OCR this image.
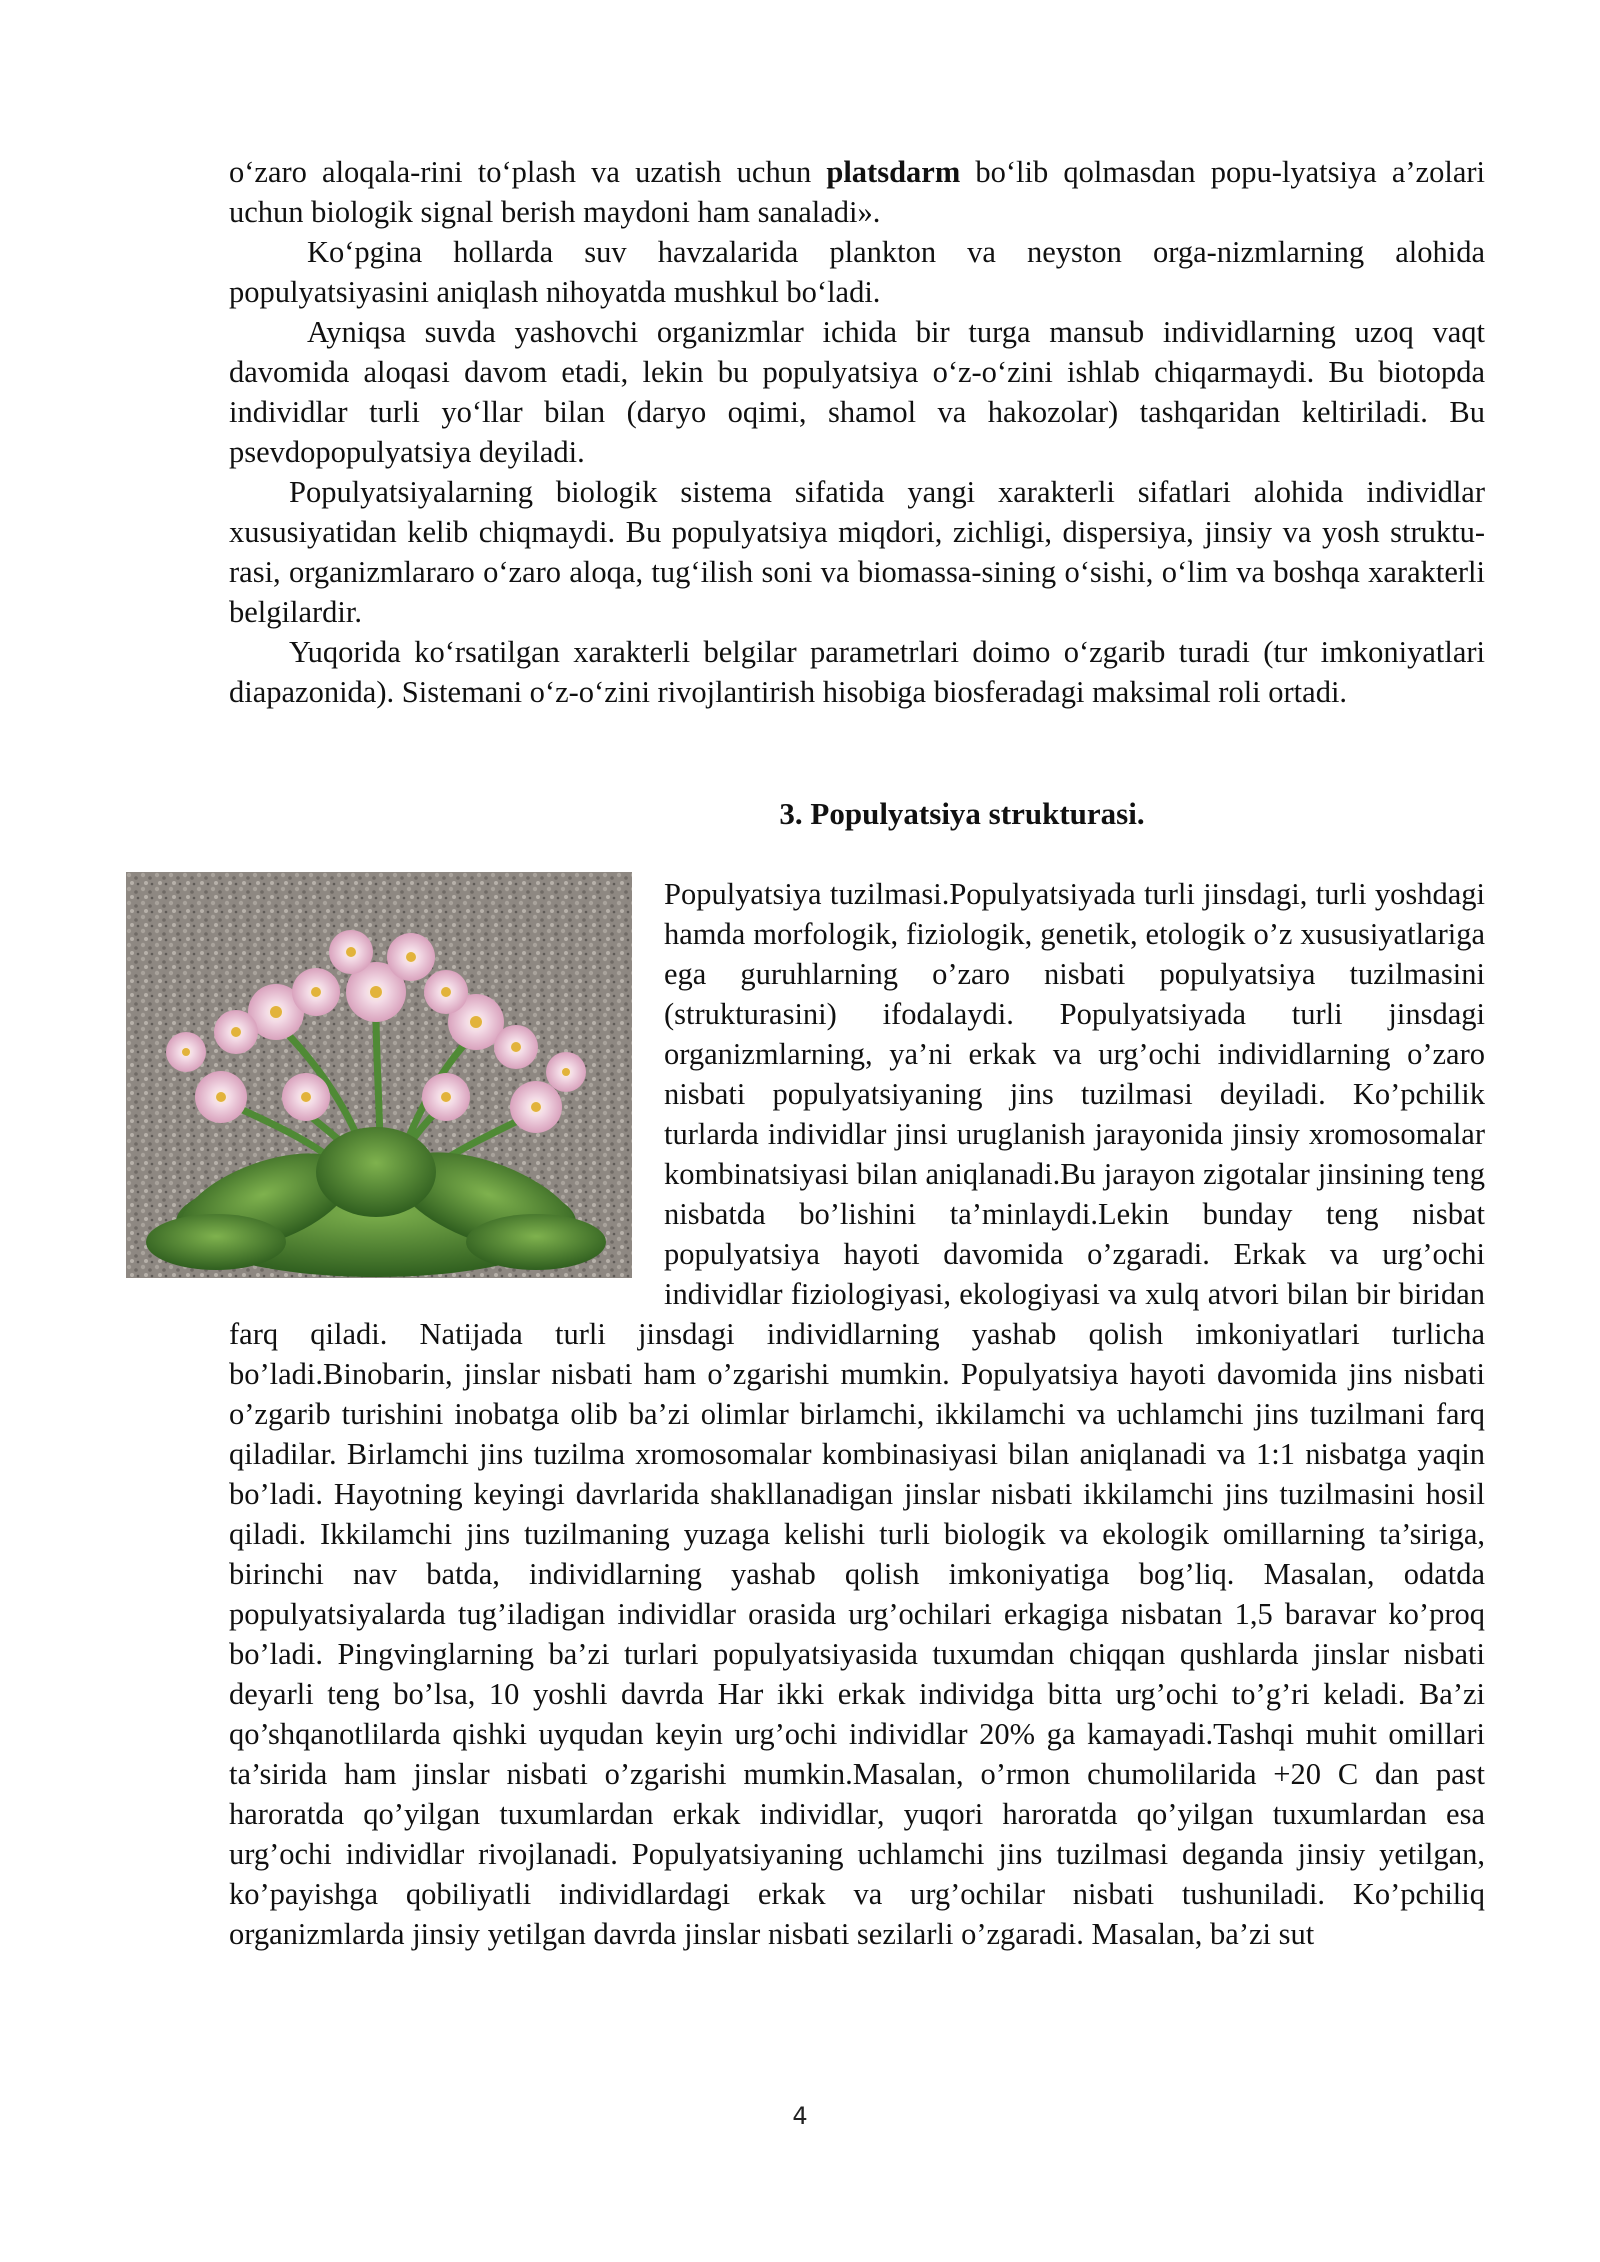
o‘zaro aloqala-rini to‘plash va uzatish uchun platsdarm bo‘lib qolmasdan popu-lyatsiya a’zolari uchun biologik signal berish maydoni ham sanaladi».

Ko‘pgina hollarda suv havzalarida plankton va neyston orga-nizmlarning alohida populyatsiyasini aniqlash nihoyatda mushkul bo‘ladi.

Ayniqsa suvda yashovchi organizmlar ichida bir turga mansub individlarning uzoq vaqt davomida aloqasi davom etadi, lekin bu populyatsiya o‘z-o‘zini ishlab chiqarmaydi. Bu biotopda individlar turli yo‘llar bilan (daryo oqimi, shamol va hakozolar) tashqaridan keltiriladi. Bu psevdopopulyatsiya deyiladi.

Populyatsiyalarning biologik sistema sifatida yangi xarakterli sifatlari alohida individlar xususiyatidan kelib chiqmaydi. Bu populyatsiya miqdori, zichligi, dispersiya, jinsiy va yosh struktu-rasi, organizmlararo o‘zaro aloqa, tug‘ilish soni va biomassa-sining o‘sishi, o‘lim va boshqa xarakterli belgilardir.

Yuqorida ko‘rsatilgan xarakterli belgilar parametrlari doimo o‘zgarib turadi (tur imkoniyatlari diapazonida). Sistemani o‘z-o‘zini rivojlantirish hisobiga biosferadagi maksimal roli ortadi.

3. Populyatsiya strukturasi.

Populyatsiya tuzilmasi.Populyatsiyada turli jinsdagi, turli yoshdagi hamda morfologik, fiziologik, genetik, etologik o’z xususiyatlariga ega guruhlarning o’zaro nisbati populyatsiya tuzilmasini (strukturasini) ifodalaydi. Populyatsiyada turli jinsdagi organizmlarning, ya’ni erkak va urg’ochi individlarning o’zaro nisbati populyatsiyaning jins tuzilmasi deyiladi. Ko’pchilik turlarda individlar jinsi uruglanish jarayonida jinsiy xromosomalar kombinatsiyasi bilan aniqlanadi.Bu jarayon zigotalar jinsining teng nisbatda bo’lishini ta’minlaydi.Lekin bunday teng nisbat populyatsiya hayoti davomida o’zgaradi. Erkak va urg’ochi individlar fiziologiyasi, ekologiyasi va xulq atvori bilan bir biridan farq qiladi. Natijada turli jinsdagi individlarning yashab qolish imkoniyatlari turlicha bo’ladi.Binobarin, jinslar nisbati ham o’zgarishi mumkin. Populyatsiya hayoti davomida jins nisbati o’zgarib turishini inobatga olib ba’zi olimlar birlamchi, ikkilamchi va uchlamchi jins tuzilmani farq qiladilar. Birlamchi jins tuzilma xromosomalar kombinasiyasi bilan aniqlanadi va 1:1 nisbatga yaqin bo’ladi. Hayotning keyingi davrlarida shakllanadigan jinslar nisbati ikkilamchi jins tuzilmasini hosil qiladi. Ikkilamchi jins tuzilmaning yuzaga kelishi turli biologik va ekologik omillarning ta’siriga, birinchi nav batda, individlarning yashab qolish imkoniyatiga bog’liq. Masalan, odatda populyatsiyalarda tug’iladigan individlar orasida urg’ochilari erkagiga nisbatan 1,5 baravar ko’proq bo’ladi. Pingvinglarning ba’zi turlari populyatsiyasida tuxumdan chiqqan qushlarda jinslar nisbati deyarli teng bo’lsa, 10 yoshli davrda Har ikki erkak individga bitta urg’ochi to’g’ri keladi. Ba’zi qo’shqanotlilarda qishki uyqudan keyin urg’ochi individlar 20% ga kamayadi.Tashqi muhit omillari ta’sirida ham jinslar nisbati o’zgarishi mumkin.Masalan, o’rmon chumolilarida +20 C dan past haroratda qo’yilgan tuxumlardan erkak individlar, yuqori haroratda qo’yilgan tuxumlardan esa urg’ochi individlar rivojlanadi. Populyatsiyaning uchlamchi jins tuzilmasi deganda jinsiy yetilgan, ko’payishga qobiliyatli individlardagi erkak va urg’ochilar nisbati tushuniladi. Ko’pchiliq organizmlarda jinsiy yetilgan davrda jinslar nisbati sezilarli o’zgaradi. Masalan, ba’zi sut

4
